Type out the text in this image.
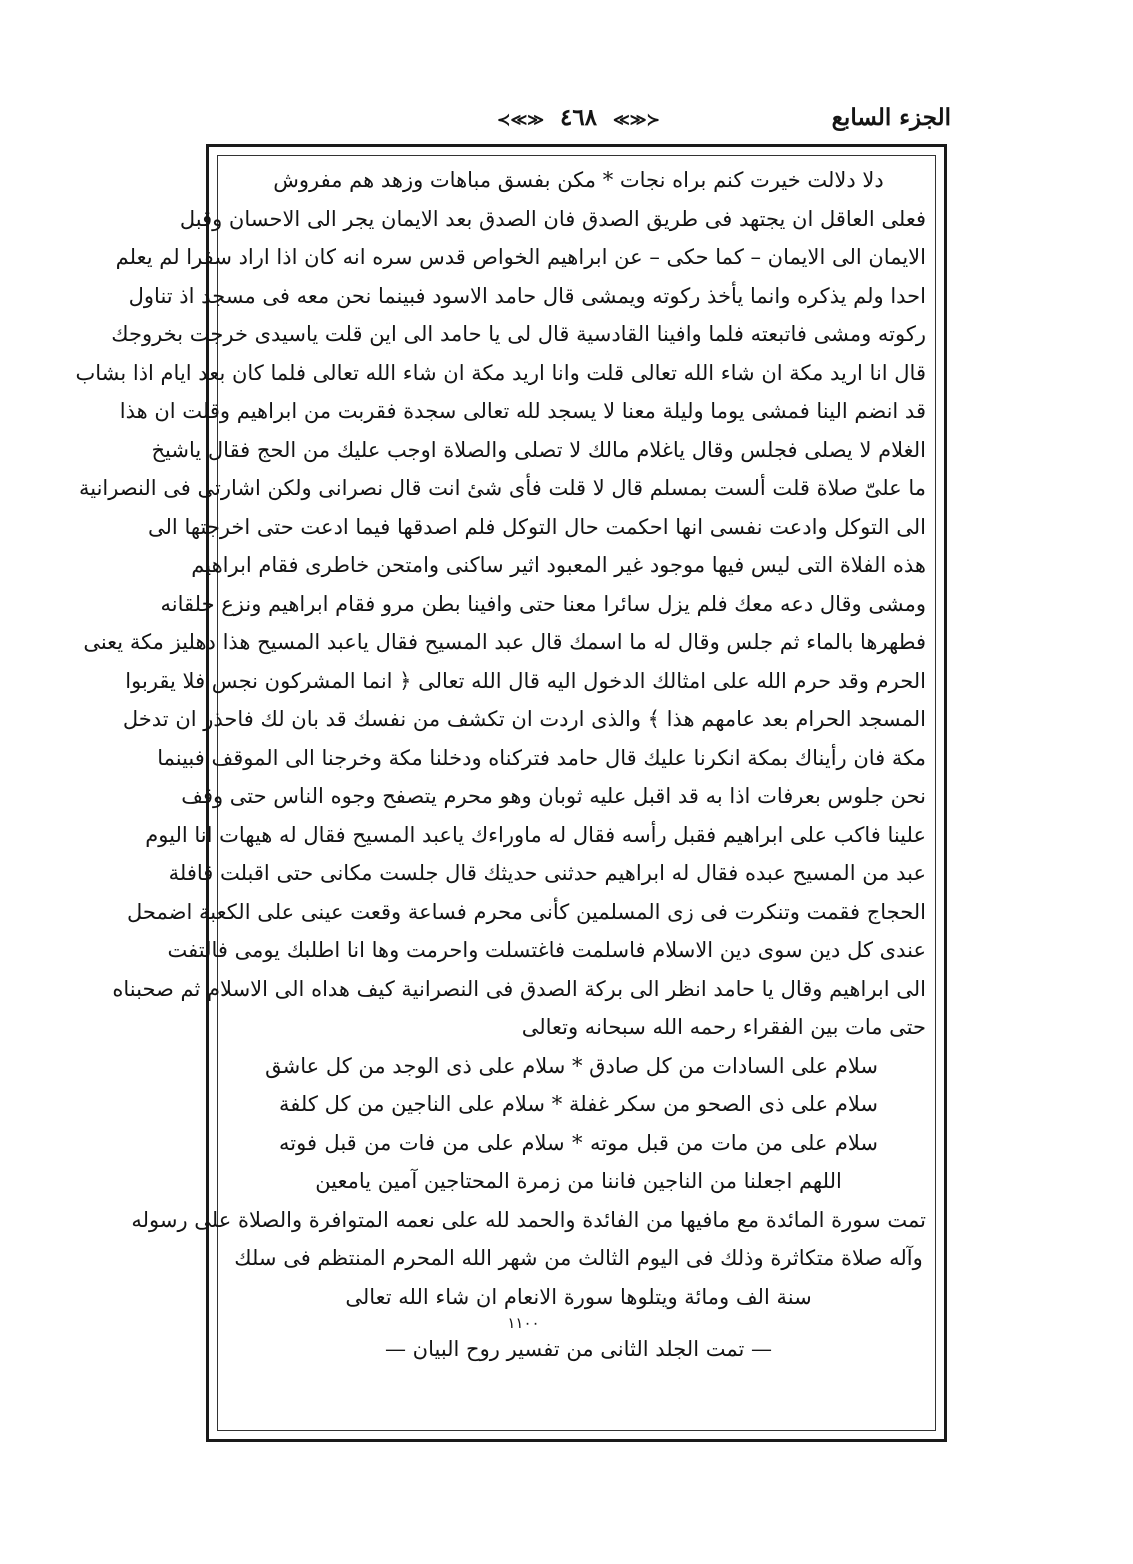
الجزء السابع
≺≪≫ ٤٦٨ ≪≫≻
دلا دلالت خيرت كنم براه نجات * مكن بفسق مباهات وزهد هم مفروش
فعلى العاقل ان يجتهد فى طريق الصدق فان الصدق بعد الايمان يجر الى الاحسان وقبل
الايمان الى الايمان – كما حكى – عن ابراهيم الخواص قدس سره انه كان اذا اراد سفرا لم يعلم
احدا ولم يذكره وانما يأخذ ركوته ويمشى قال حامد الاسود فبينما نحن معه فى مسجد اذ تناول
ركوته ومشى فاتبعته فلما وافينا القادسية قال لى يا حامد الى اين قلت ياسيدى خرجت بخروجك
قال انا اريد مكة ان شاء الله تعالى قلت وانا اريد مكة ان شاء الله تعالى فلما كان بعد ايام اذا بشاب
قد انضم الينا فمشى يوما وليلة معنا لا يسجد لله تعالى سجدة فقربت من ابراهيم وقلت ان هذا
الغلام لا يصلى فجلس وقال ياغلام مالك لا تصلى والصلاة اوجب عليك من الحج فقال ياشيخ
ما علىّ صلاة قلت ألست بمسلم قال لا قلت فأى شئ انت قال نصرانى ولكن اشارتى فى النصرانية
الى التوكل وادعت نفسى انها احكمت حال التوكل فلم اصدقها فيما ادعت حتى اخرجتها الى
هذه الفلاة التى ليس فيها موجود غير المعبود اثير ساكنى وامتحن خاطرى فقام ابراهيم
ومشى وقال دعه معك فلم يزل سائرا معنا حتى وافينا بطن مرو فقام ابراهيم ونزع خلقانه
فطهرها بالماء ثم جلس وقال له ما اسمك قال عبد المسيح فقال ياعبد المسيح هذا دهليز مكة يعنى
الحرم وقد حرم الله على امثالك الدخول اليه قال الله تعالى ﴿ انما المشركون نجس فلا يقربوا
المسجد الحرام بعد عامهم هذا ﴾ والذى اردت ان تكشف من نفسك قد بان لك فاحذر ان تدخل
مكة فان رأيناك بمكة انكرنا عليك قال حامد فتركناه ودخلنا مكة وخرجنا الى الموقف فبينما
نحن جلوس بعرفات اذا به قد اقبل عليه ثوبان وهو محرم يتصفح وجوه الناس حتى وقف
علينا فاكب على ابراهيم فقبل رأسه فقال له ماوراءك ياعبد المسيح فقال له هيهات انا اليوم
عبد من المسيح عبده فقال له ابراهيم حدثنى حديثك قال جلست مكانى حتى اقبلت قافلة
الحجاج فقمت وتنكرت فى زى المسلمين كأنى محرم فساعة وقعت عينى على الكعبة اضمحل
عندى كل دين سوى دين الاسلام فاسلمت فاغتسلت واحرمت وها انا اطلبك يومى فالتفت
الى ابراهيم وقال يا حامد انظر الى بركة الصدق فى النصرانية كيف هداه الى الاسلام ثم صحبناه
حتى مات بين الفقراء رحمه الله سبحانه وتعالى
سلام على السادات من كل صادق * سلام على ذى الوجد من كل عاشق
سلام على ذى الصحو من سكر غفلة * سلام على الناجين من كل كلفة
سلام على من مات من قبل موته * سلام على من فات من قبل فوته
اللهم اجعلنا من الناجين فاننا من زمرة المحتاجين آمين يامعين
تمت سورة المائدة مع مافيها من الفائدة والحمد لله على نعمه المتوافرة والصلاة على رسوله
وآله صلاة متكاثرة وذلك فى اليوم الثالث من شهر الله المحرم المنتظم فى سلك
سنة الف ومائة ويتلوها سورة الانعام ان شاء الله تعالى
١١٠٠
— تمت الجلد الثانى من تفسير روح البيان —
